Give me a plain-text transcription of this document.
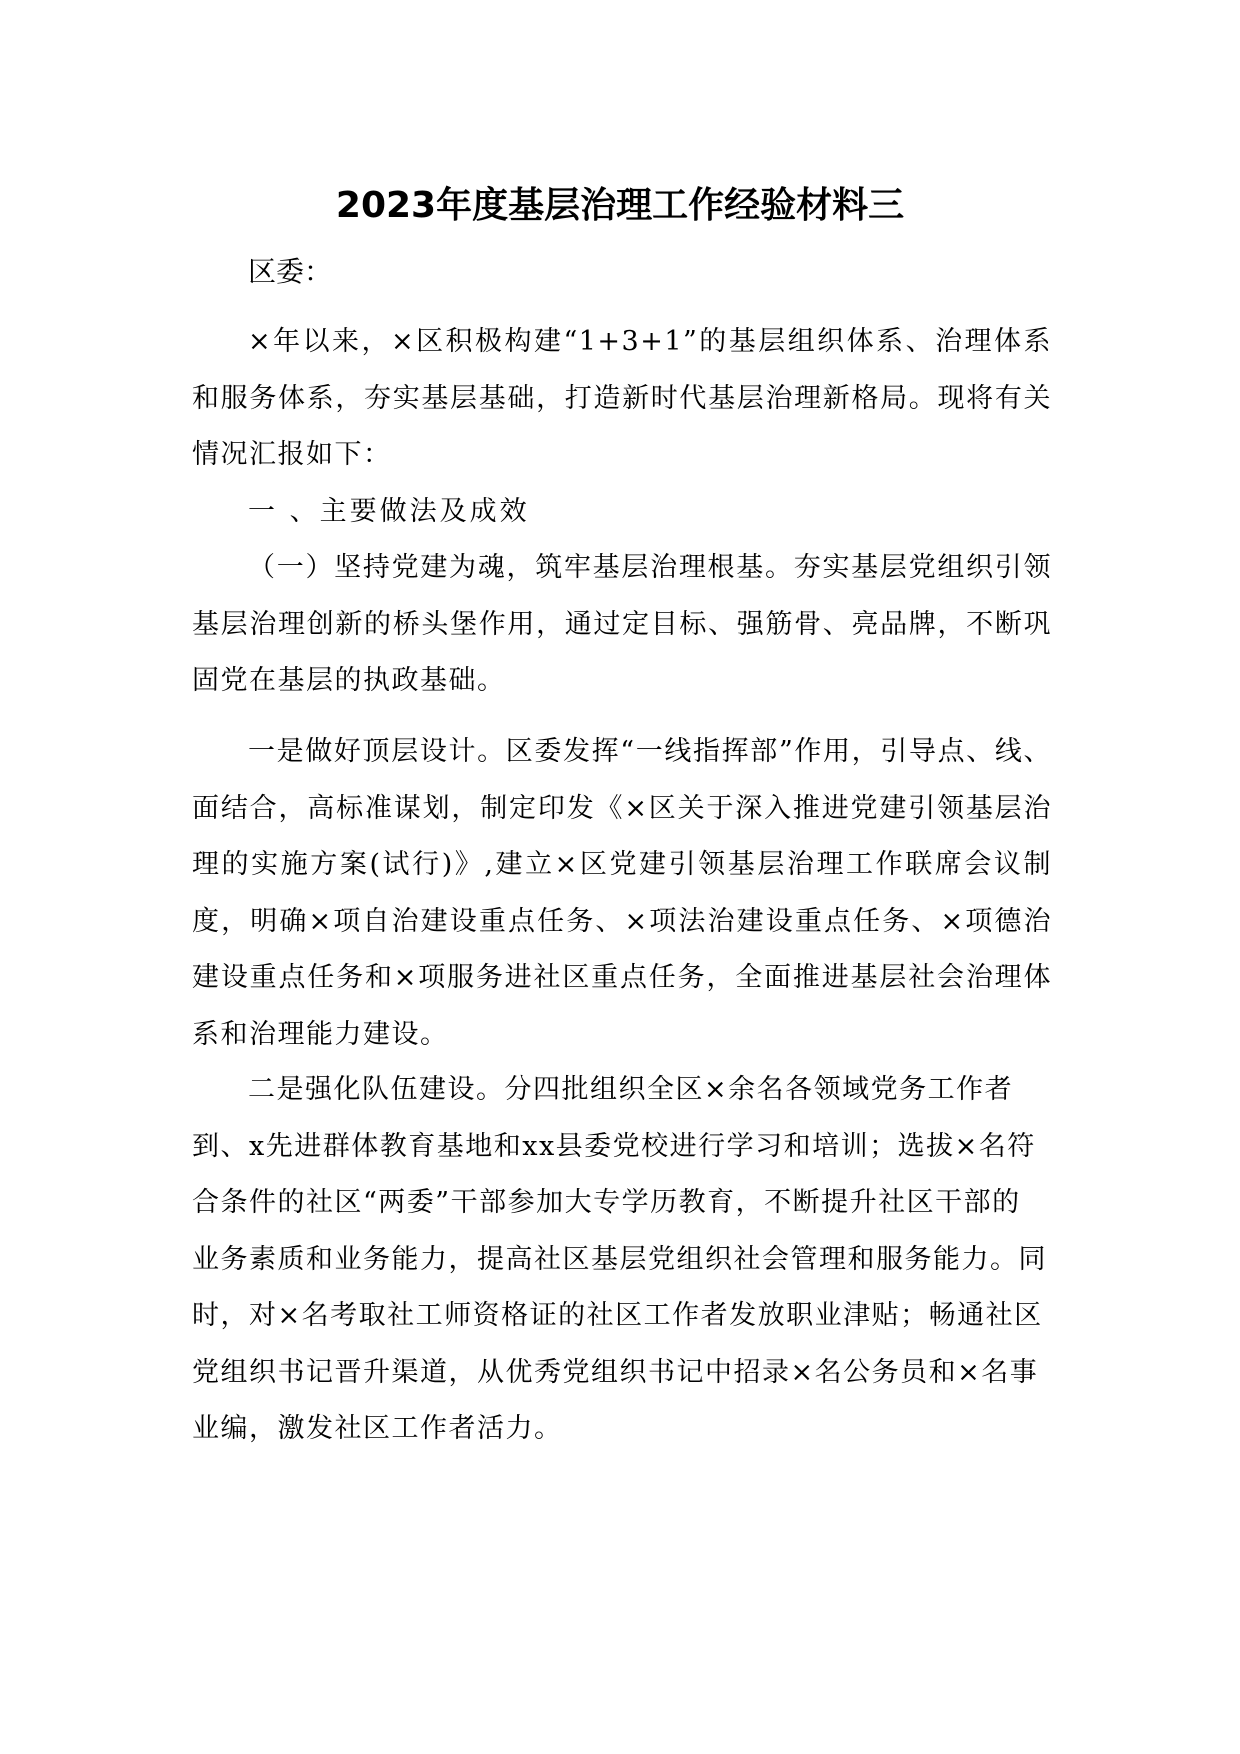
2023年度基层治理工作经验材料三
区委：

×年以来，×区积极构建“1+3+1”的基层组织体系、治理体系和服务体系，夯实基层基础，打造新时代基层治理新格局。现将有关情况汇报如下：

一 、主要做法及成效

（一）坚持党建为魂，筑牢基层治理根基。夯实基层党组织引领基层治理创新的桥头堡作用，通过定目标、强筋骨、亮品牌，不断巩固党在基层的执政基础。

一是做好顶层设计。区委发挥“一线指挥部”作用，引导点、线、面结合，高标准谋划，制定印发《×区关于深入推进党建引领基层治理的实施方案(试行)》,建立×区党建引领基层治理工作联席会议制度，明确×项自治建设重点任务、×项法治建设重点任务、×项德治建设重点任务和×项服务进社区重点任务，全面推进基层社会治理体系和治理能力建设。

二是强化队伍建设。分四批组织全区×余名各领域党务工作者到、x先进群体教育基地和xx县委党校进行学习和培训；选拔×名符 合条件的社区“两委”干部参加大专学历教育，不断提升社区干部的 业务素质和业务能力，提高社区基层党组织社会管理和服务能力。同 时，对×名考取社工师资格证的社区工作者发放职业津贴；畅通社区 党组织书记晋升渠道，从优秀党组织书记中招录×名公务员和×名事

业编，激发社区工作者活力。
